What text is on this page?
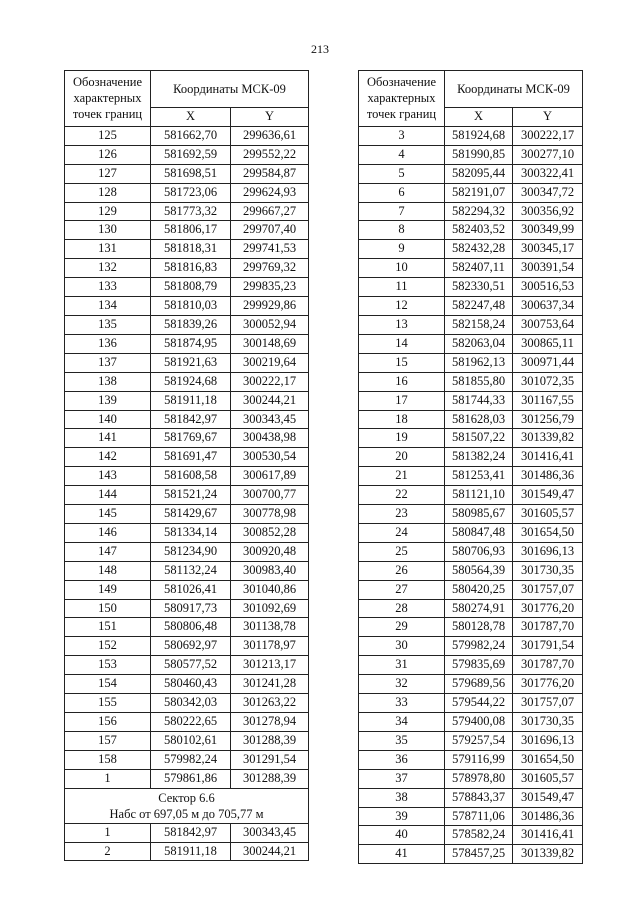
213
Обозначение характерных точек границ	Координаты МСК-09	
	X	Y
125	581662,70	299636,61
126	581692,59	299552,22
127	581698,51	299584,87
128	581723,06	299624,93
129	581773,32	299667,27
130	581806,17	299707,40
131	581818,31	299741,53
132	581816,83	299769,32
133	581808,79	299835,23
134	581810,03	299929,86
135	581839,26	300052,94
136	581874,95	300148,69
137	581921,63	300219,64
138	581924,68	300222,17
139	581911,18	300244,21
140	581842,97	300343,45
141	581769,67	300438,98
142	581691,47	300530,54
143	581608,58	300617,89
144	581521,24	300700,77
145	581429,67	300778,98
146	581334,14	300852,28
147	581234,90	300920,48
148	581132,24	300983,40
149	581026,41	301040,86
150	580917,73	301092,69
151	580806,48	301138,78
152	580692,97	301178,97
153	580577,52	301213,17
154	580460,43	301241,28
155	580342,03	301263,22
156	580222,65	301278,94
157	580102,61	301288,39
158	579982,24	301291,54
1	579861,86	301288,39

Сектор 6.6
Набс от 697,05 м до 705,77 м		

1	581842,97	300343,45
2	581911,18	300244,21
Обозначение характерных точек границ	Координаты МСК-09	
	X	Y
3	581924,68	300222,17
4	581990,85	300277,10
5	582095,44	300322,41
6	582191,07	300347,72
7	582294,32	300356,92
8	582403,52	300349,99
9	582432,28	300345,17
10	582407,11	300391,54
11	582330,51	300516,53
12	582247,48	300637,34
13	582158,24	300753,64
14	582063,04	300865,11
15	581962,13	300971,44
16	581855,80	301072,35
17	581744,33	301167,55
18	581628,03	301256,79
19	581507,22	301339,82
20	581382,24	301416,41
21	581253,41	301486,36
22	581121,10	301549,47
23	580985,67	301605,57
24	580847,48	301654,50
25	580706,93	301696,13
26	580564,39	301730,35
27	580420,25	301757,07
28	580274,91	301776,20
29	580128,78	301787,70
30	579982,24	301791,54
31	579835,69	301787,70
32	579689,56	301776,20
33	579544,22	301757,07
34	579400,08	301730,35
35	579257,54	301696,13
36	579116,99	301654,50
37	578978,80	301605,57
38	578843,37	301549,47
39	578711,06	301486,36
40	578582,24	301416,41
41	578457,25	301339,82
